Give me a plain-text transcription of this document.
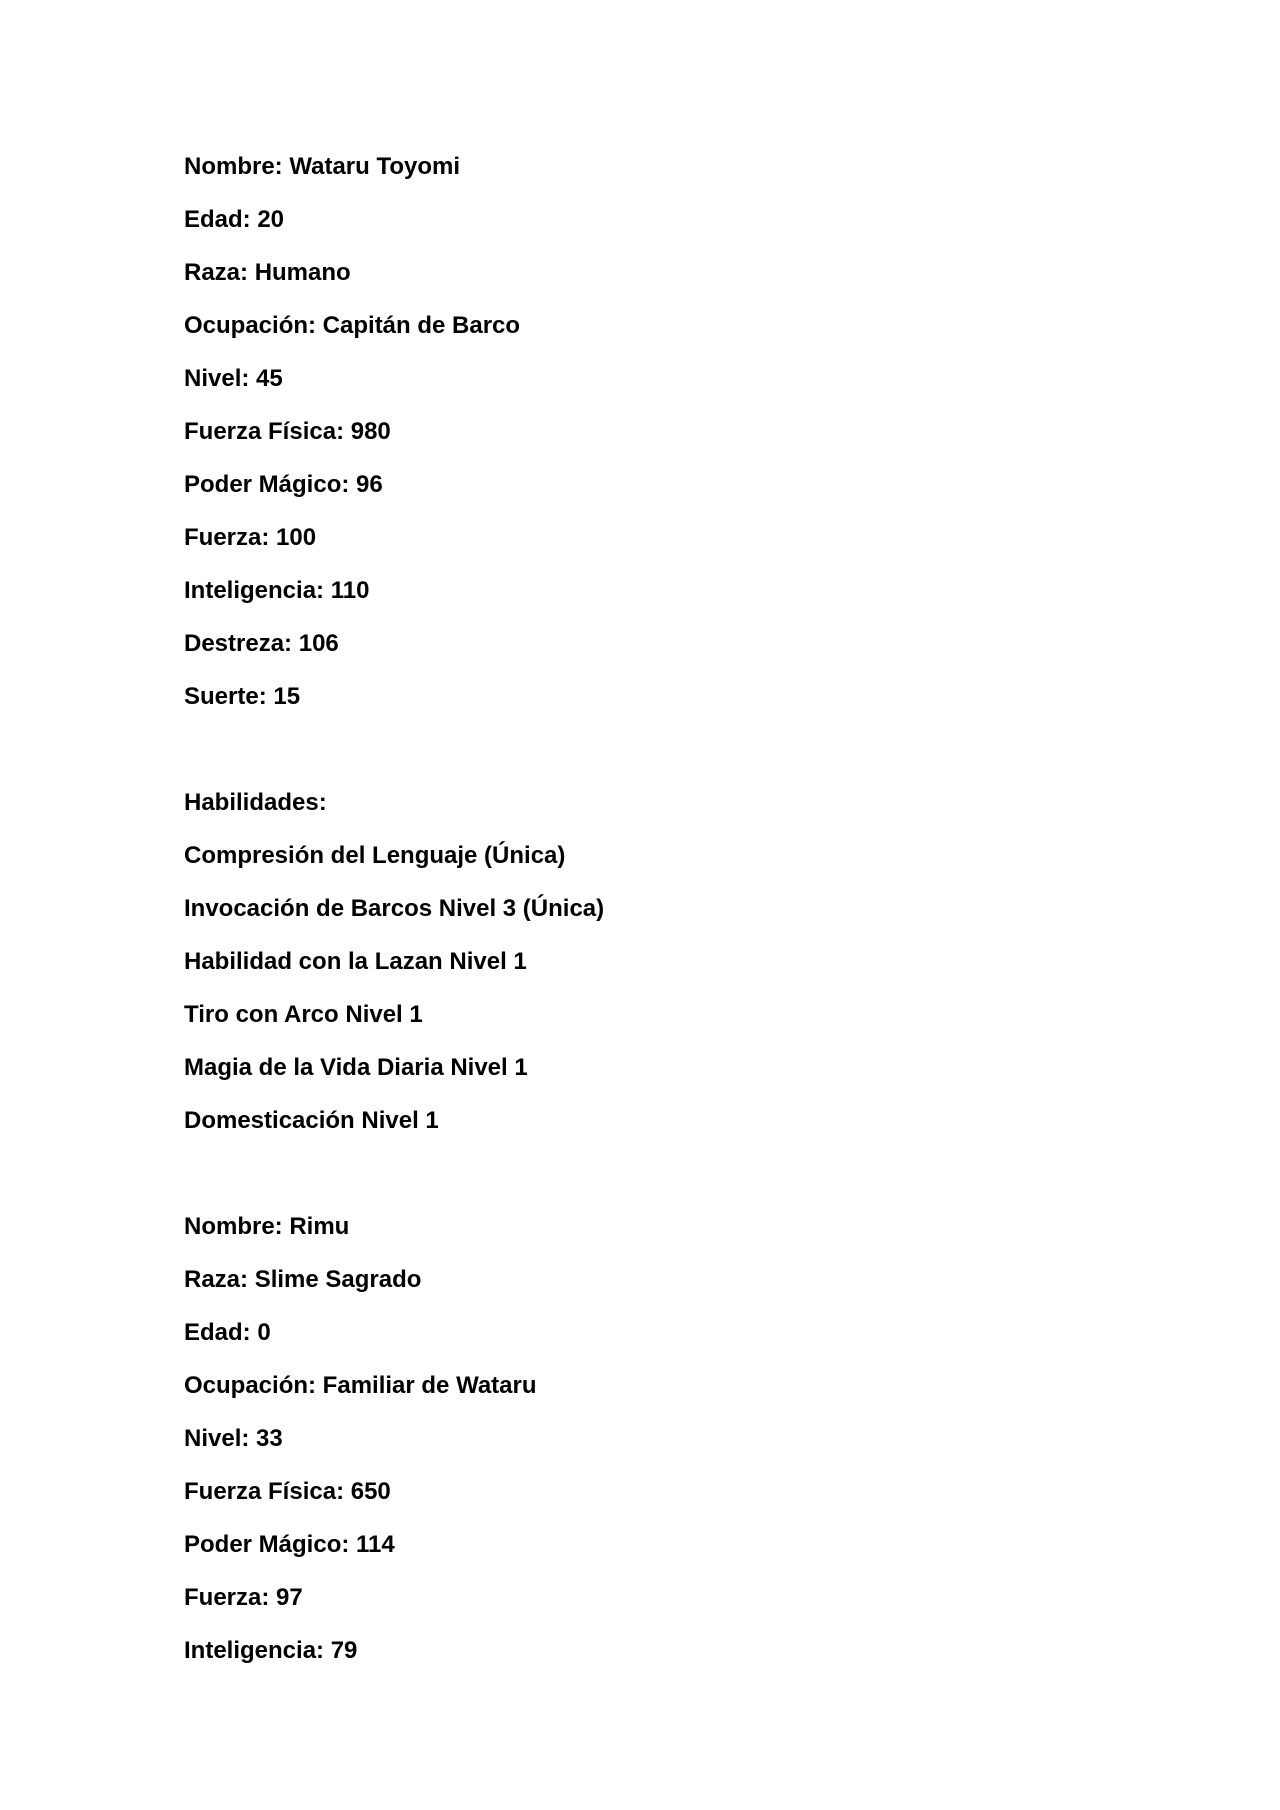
Nombre: Wataru Toyomi

Edad: 20

Raza: Humano

Ocupación: Capitán de Barco

Nivel: 45

Fuerza Física: 980

Poder Mágico: 96

Fuerza: 100

Inteligencia: 110

Destreza: 106

Suerte: 15

Habilidades:

Compresión del Lenguaje (Única)

Invocación de Barcos Nivel 3 (Única)

Habilidad con la Lazan Nivel 1

Tiro con Arco Nivel 1

Magia de la Vida Diaria Nivel 1

Domesticación Nivel 1

Nombre: Rimu

Raza: Slime Sagrado

Edad: 0

Ocupación: Familiar de Wataru

Nivel: 33

Fuerza Física: 650

Poder Mágico: 114

Fuerza: 97

Inteligencia: 79
